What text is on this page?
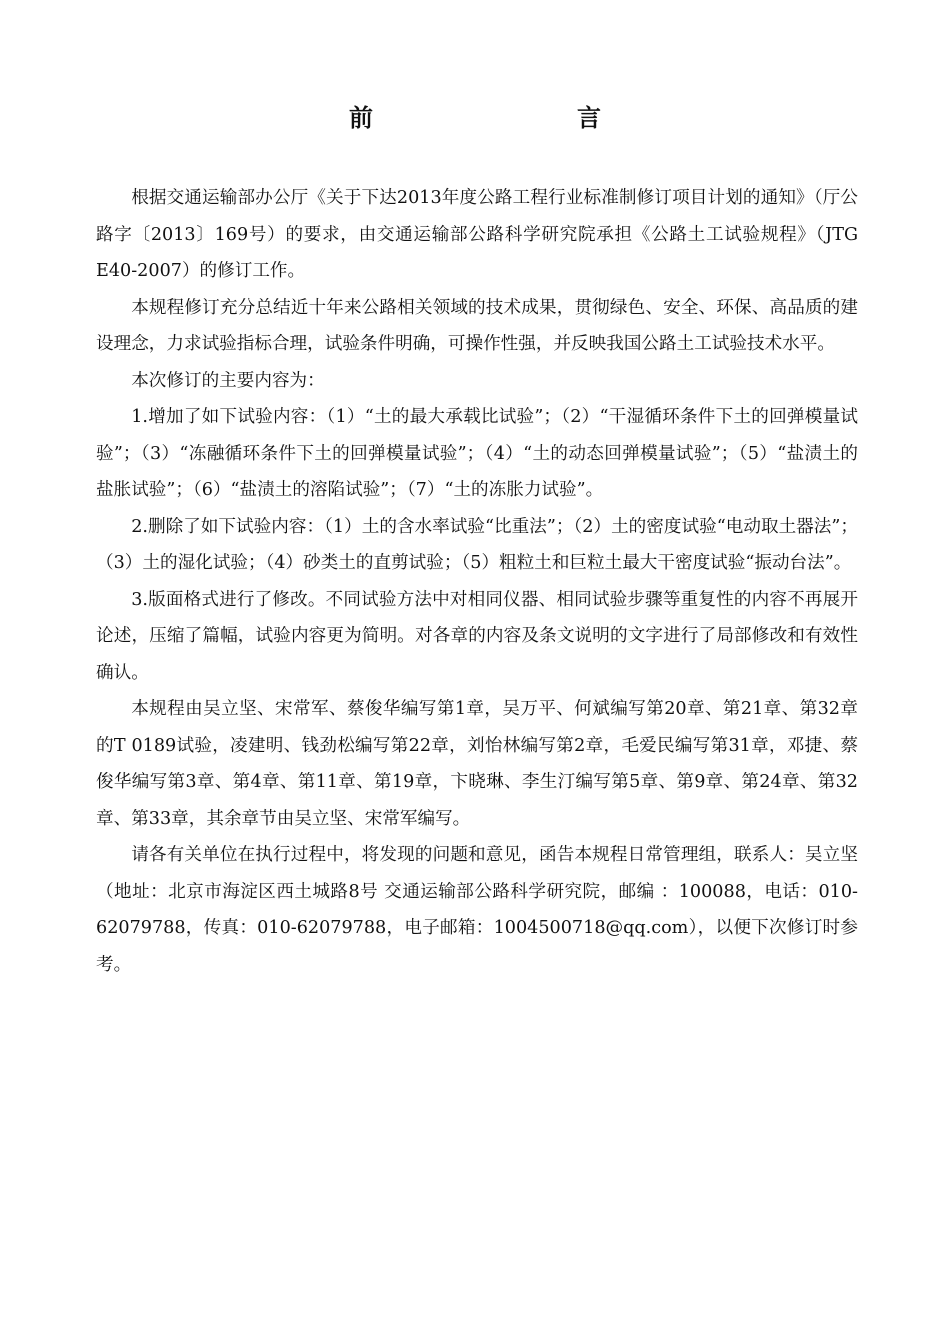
前　　言

根据交通运输部办公厅《关于下达2013年度公路工程行业标准制修订项目计划的通知》（厅公路字〔2013〕169号）的要求，由交通运输部公路科学研究院承担《公路土工试验规程》（JTG E40-2007）的修订工作。

本规程修订充分总结近十年来公路相关领域的技术成果，贯彻绿色、安全、环保、高品质的建设理念，力求试验指标合理，试验条件明确，可操作性强，并反映我国公路土工试验技术水平。

本次修订的主要内容为：

1.增加了如下试验内容：（1）“土的最大承载比试验”；（2）“干湿循环条件下土的回弹模量试验”；（3）“冻融循环条件下土的回弹模量试验”；（4）“土的动态回弹模量试验”；（5）“盐渍土的盐胀试验”；（6）“盐渍土的溶陷试验”；（7）“土的冻胀力试验”。

2.删除了如下试验内容：（1）土的含水率试验“比重法”；（2）土的密度试验“电动取土器法”；（3）土的湿化试验；（4）砂类土的直剪试验；（5）粗粒土和巨粒土最大干密度试验“振动台法”。

3.版面格式进行了修改。不同试验方法中对相同仪器、相同试验步骤等重复性的内容不再展开论述，压缩了篇幅，试验内容更为简明。对各章的内容及条文说明的文字进行了局部修改和有效性确认。

本规程由吴立坚、宋常军、蔡俊华编写第1章，吴万平、何斌编写第20章、第21章、第32章的T 0189试验，凌建明、钱劲松编写第22章，刘怡林编写第2章，毛爱民编写第31章，邓捷、蔡俊华编写第3章、第4章、第11章、第19章，卞晓琳、李生汀编写第5章、第9章、第24章、第32章、第33章，其余章节由吴立坚、宋常军编写。

请各有关单位在执行过程中，将发现的问题和意见，函告本规程日常管理组，联系人：吴立坚（地址：北京市海淀区西土城路8号 交通运输部公路科学研究院，邮编 ：100088，电话：010-62079788，传真：010-62079788，电子邮箱：1004500718@qq.com），以便下次修订时参考。
